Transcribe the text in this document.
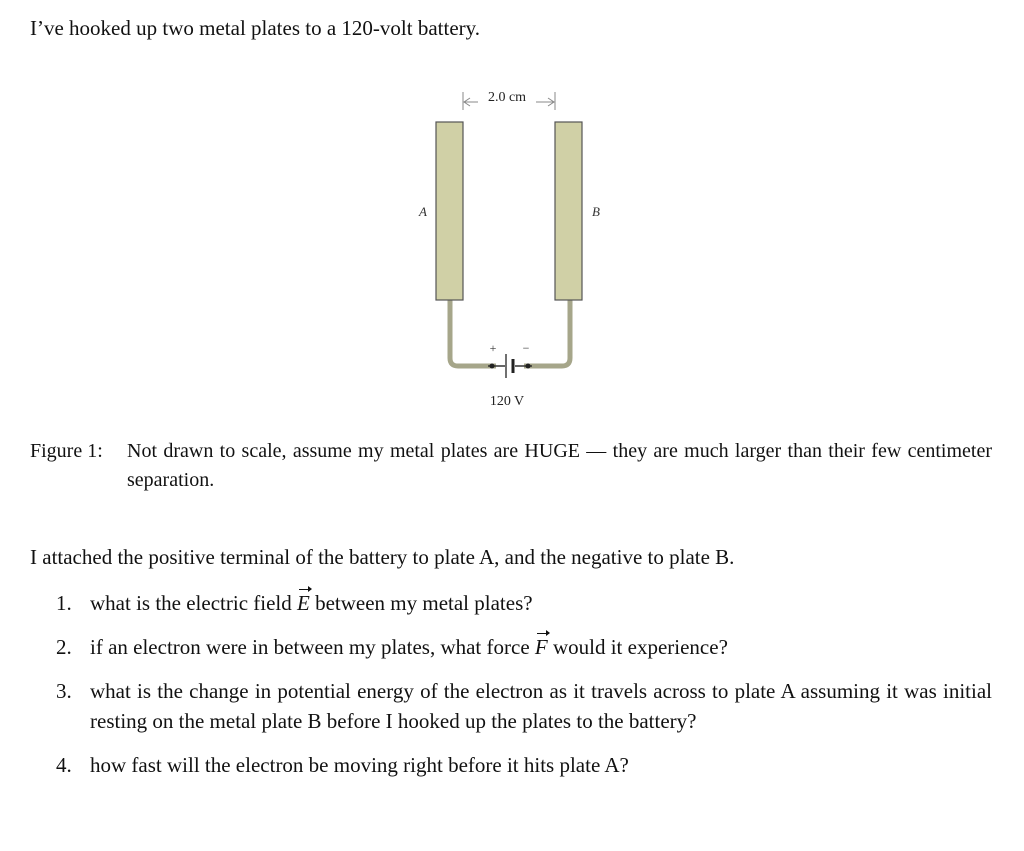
I’ve hooked up two metal plates to a 120-volt battery.

2.0 cm
A	B
+ −
120 V

Figure 1:	Not drawn to scale, assume my metal plates are HUGE — they are much larger than their few centimeter separation.

I attached the positive terminal of the battery to plate A, and the negative to plate B.

1. what is the electric field E between my metal plates?
2. if an electron were in between my plates, what force F would it experience?
3. what is the change in potential energy of the electron as it travels across to plate A assuming it was initial resting on the metal plate B before I hooked up the plates to the battery?
4. how fast will the electron be moving right before it hits plate A?
